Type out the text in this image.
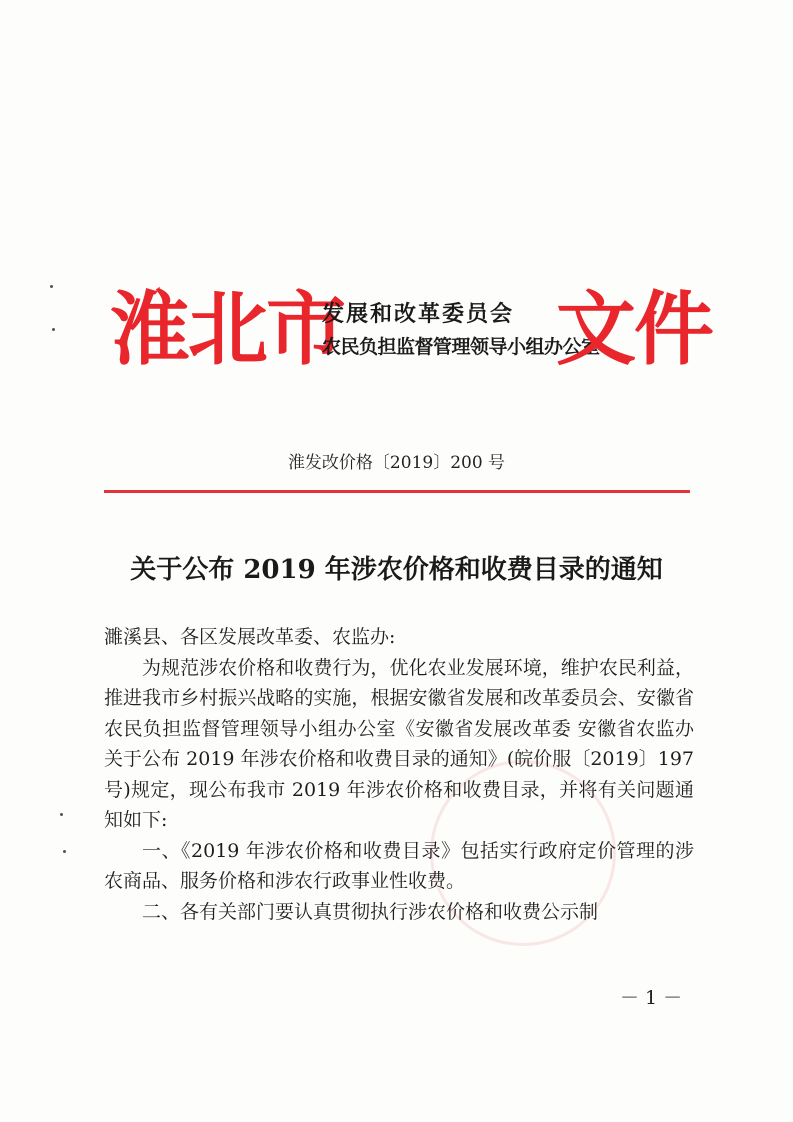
淮北市
发展和改革委员会
农民负担监督管理领导小组办公室
文件
淮发改价格〔2019〕200 号
关于公布 2019 年涉农价格和收费目录的通知

濉溪县、各区发展改革委、农监办:

为规范涉农价格和收费行为，优化农业发展环境，维护农民利益，推进我市乡村振兴战略的实施，根据安徽省发展和改革委员会、安徽省农民负担监督管理领导小组办公室《安徽省发展改革委 安徽省农监办关于公布 2019 年涉农价格和收费目录的通知》(皖价服〔2019〕197 号)规定，现公布我市 2019 年涉农价格和收费目录，并将有关问题通知如下:

一、《2019 年涉农价格和收费目录》包括实行政府定价管理的涉农商品、服务价格和涉农行政事业性收费。

二、各有关部门要认真贯彻执行涉农价格和收费公示制

－ 1 －
